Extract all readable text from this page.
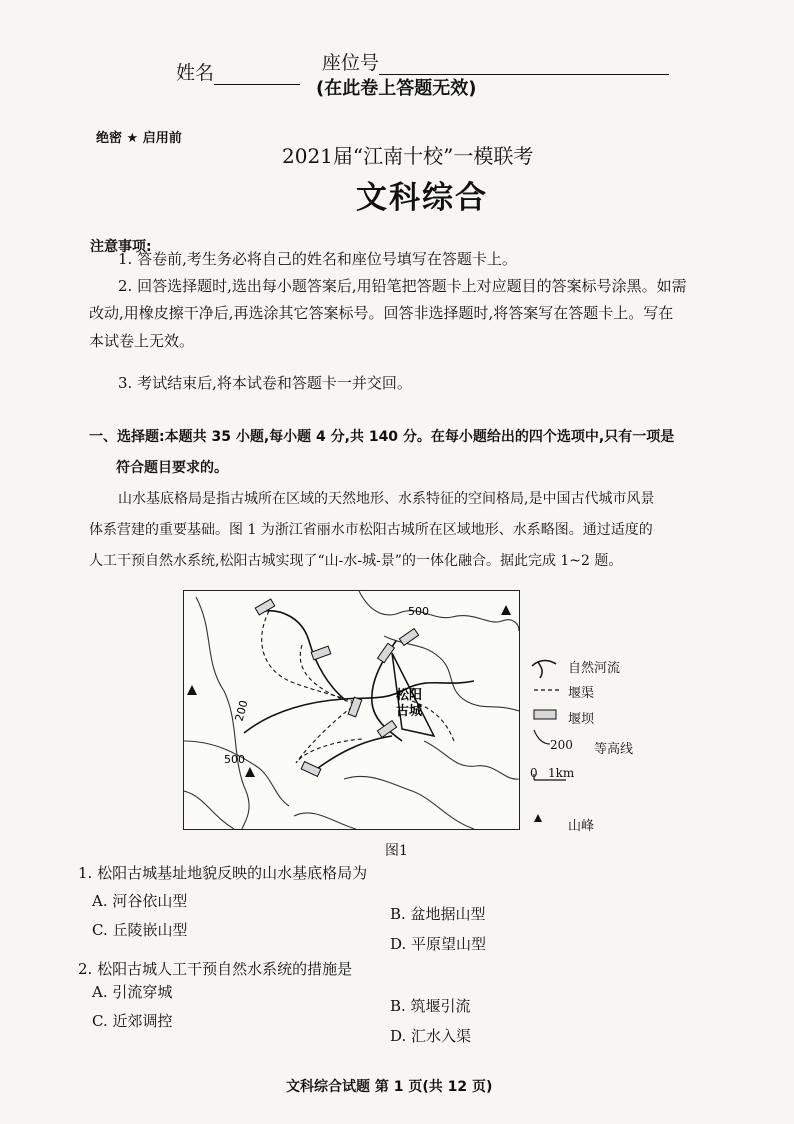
姓名	座位号
(在此卷上答题无效)
绝密 ★ 启用前
2021届“江南十校”一模联考
文科综合
注意事项:
1. 答卷前,考生务必将自己的姓名和座位号填写在答题卡上。
2. 回答选择题时,选出每小题答案后,用铅笔把答题卡上对应题目的答案标号涂黑。如需
改动,用橡皮擦干净后,再选涂其它答案标号。回答非选择题时,将答案写在答题卡上。写在
本试卷上无效。
3. 考试结束后,将本试卷和答题卡一并交回。
一、选择题:本题共 35 小题,每小题 4 分,共 140 分。在每小题给出的四个选项中,只有一项是
符合题目要求的。
山水基底格局是指古城所在区域的天然地形、水系特征的空间格局,是中国古代城市风景
体系营建的重要基础。图 1 为浙江省丽水市松阳古城所在区域地形、水系略图。通过适度的
人工干预自然水系统,松阳古城实现了“山-水-城-景”的一体化融合。据此完成 1~2 题。
松阳
古城
500
500
200
自然河流
堰渠
堰坝
200 等高线
0 1km
山峰
图1
1. 松阳古城基址地貌反映的山水基底格局为
A. 河谷依山型
B. 盆地据山型
C. 丘陵嵌山型
D. 平原望山型
2. 松阳古城人工干预自然水系统的措施是
A. 引流穿城
B. 筑堰引流
C. 近郊调控
D. 汇水入渠
文科综合试题 第 1 页(共 12 页)
